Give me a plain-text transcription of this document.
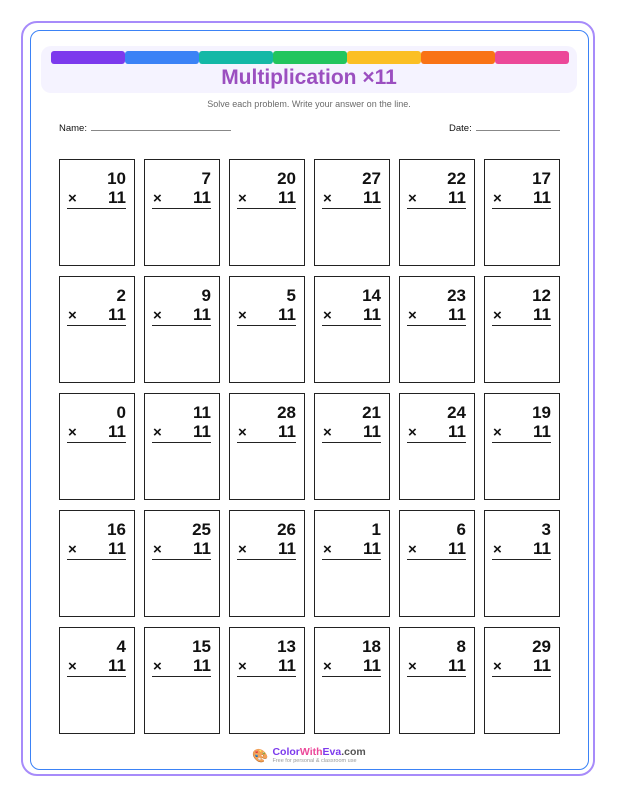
Multiplication ×11
Solve each problem. Write your answer on the line.
Name:	Date:
10
× 11
7
× 11
20
× 11
27
× 11
22
× 11
17
× 11
2
× 11
9
× 11
5
× 11
14
× 11
23
× 11
12
× 11
0
× 11
11
× 11
28
× 11
21
× 11
24
× 11
19
× 11
16
× 11
25
× 11
26
× 11
1
× 11
6
× 11
3
× 11
4
× 11
15
× 11
13
× 11
18
× 11
8
× 11
29
× 11
🎨 ColorWithEva.com
Free for personal & classroom use
